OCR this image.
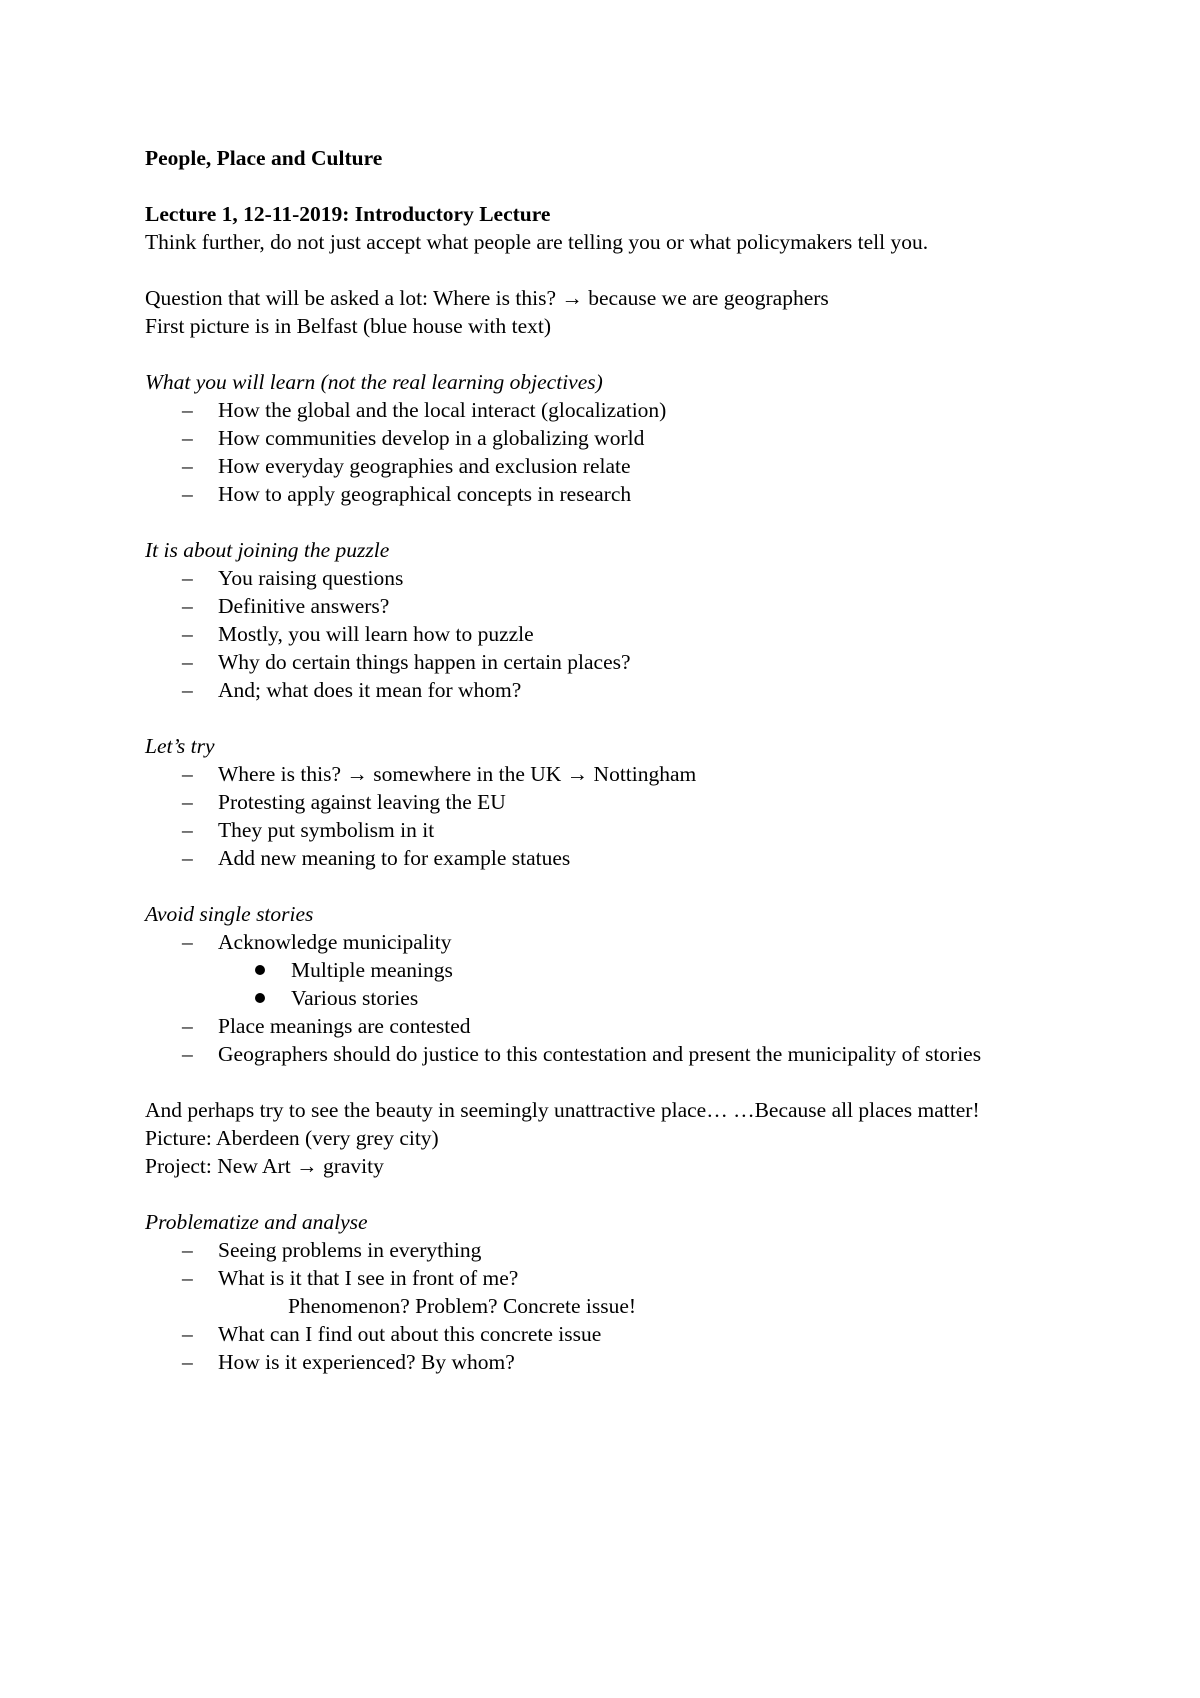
People, Place and Culture

Lecture 1, 12-11-2019: Introductory Lecture

Think further, do not just accept what people are telling you or what policymakers tell you.

Question that will be asked a lot: Where is this? → because we are geographers

First picture is in Belfast (blue house with text)

What you will learn (not the real learning objectives)

– How the global and the local interact (glocalization)
– How communities develop in a globalizing world
– How everyday geographies and exclusion relate
– How to apply geographical concepts in research

It is about joining the puzzle

– You raising questions
– Definitive answers?
– Mostly, you will learn how to puzzle
– Why do certain things happen in certain places?
– And; what does it mean for whom?

Let’s try

– Where is this? → somewhere in the UK → Nottingham
– Protesting against leaving the EU
– They put symbolism in it
– Add new meaning to for example statues

Avoid single stories

– Acknowledge municipality
Multiple meanings
Various stories
– Place meanings are contested
– Geographers should do justice to this contestation and present the municipality of stories

And perhaps try to see the beauty in seemingly unattractive place… …Because all places matter!

Picture: Aberdeen (very grey city)

Project: New Art → gravity

Problematize and analyse

– Seeing problems in everything
– What is it that I see in front of me?
Phenomenon? Problem? Concrete issue!
– What can I find out about this concrete issue
– How is it experienced? By whom?
